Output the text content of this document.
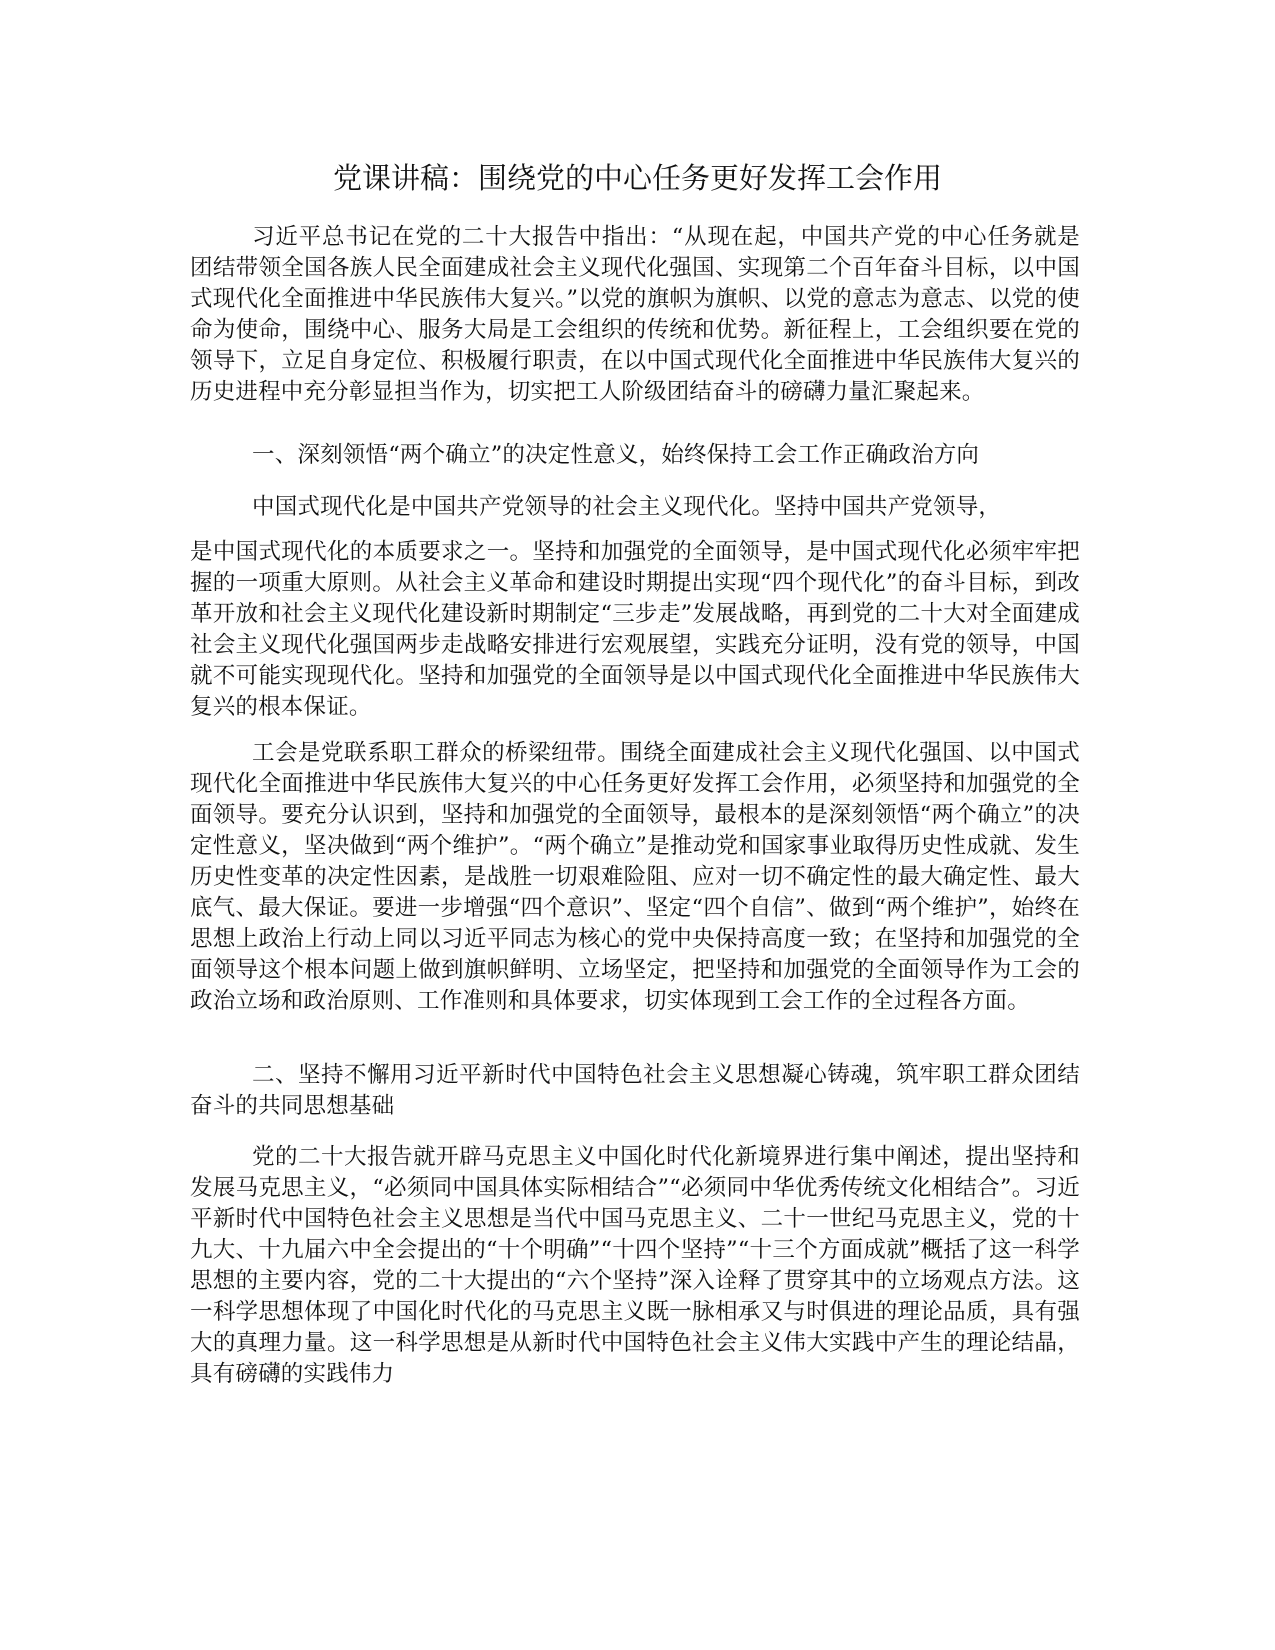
党课讲稿：围绕党的中心任务更好发挥工会作用

习近平总书记在党的二十大报告中指出：“从现在起，中国共产党的中心任务就是团结带领全国各族人民全面建成社会主义现代化强国、实现第二个百年奋斗目标，以中国式现代化全面推进中华民族伟大复兴。”以党的旗帜为旗帜、以党的意志为意志、以党的使命为使命，围绕中心、服务大局是工会组织的传统和优势。新征程上，工会组织要在党的领导下，立足自身定位、积极履行职责，在以中国式现代化全面推进中华民族伟大复兴的历史进程中充分彰显担当作为，切实把工人阶级团结奋斗的磅礴力量汇聚起来。

一、深刻领悟“两个确立”的决定性意义，始终保持工会工作正确政治方向

中国式现代化是中国共产党领导的社会主义现代化。坚持中国共产党领导，

是中国式现代化的本质要求之一。坚持和加强党的全面领导，是中国式现代化必须牢牢把握的一项重大原则。从社会主义革命和建设时期提出实现“四个现代化”的奋斗目标，到改革开放和社会主义现代化建设新时期制定“三步走”发展战略，再到党的二十大对全面建成社会主义现代化强国两步走战略安排进行宏观展望，实践充分证明，没有党的领导，中国就不可能实现现代化。坚持和加强党的全面领导是以中国式现代化全面推进中华民族伟大复兴的根本保证。

工会是党联系职工群众的桥梁纽带。围绕全面建成社会主义现代化强国、以中国式现代化全面推进中华民族伟大复兴的中心任务更好发挥工会作用，必须坚持和加强党的全面领导。要充分认识到，坚持和加强党的全面领导，最根本的是深刻领悟“两个确立”的决定性意义，坚决做到“两个维护”。“两个确立”是推动党和国家事业取得历史性成就、发生历史性变革的决定性因素，是战胜一切艰难险阻、应对一切不确定性的最大确定性、最大底气、最大保证。要进一步增强“四个意识”、坚定“四个自信”、做到“两个维护”，始终在思想上政治上行动上同以习近平同志为核心的党中央保持高度一致；在坚持和加强党的全面领导这个根本问题上做到旗帜鲜明、立场坚定，把坚持和加强党的全面领导作为工会的政治立场和政治原则、工作准则和具体要求，切实体现到工会工作的全过程各方面。

二、坚持不懈用习近平新时代中国特色社会主义思想凝心铸魂，筑牢职工群众团结奋斗的共同思想基础

党的二十大报告就开辟马克思主义中国化时代化新境界进行集中阐述，提出坚持和发展马克思主义，“必须同中国具体实际相结合”“必须同中华优秀传统文化相结合”。习近平新时代中国特色社会主义思想是当代中国马克思主义、二十一世纪马克思主义，党的十九大、十九届六中全会提出的“十个明确”“十四个坚持”“十三个方面成就”概括了这一科学思想的主要内容，党的二十大提出的“六个坚持”深入诠释了贯穿其中的立场观点方法。这一科学思想体现了中国化时代化的马克思主义既一脉相承又与时俱进的理论品质，具有强大的真理力量。这一科学思想是从新时代中国特色社会主义伟大实践中产生的理论结晶，具有磅礴的实践伟力
